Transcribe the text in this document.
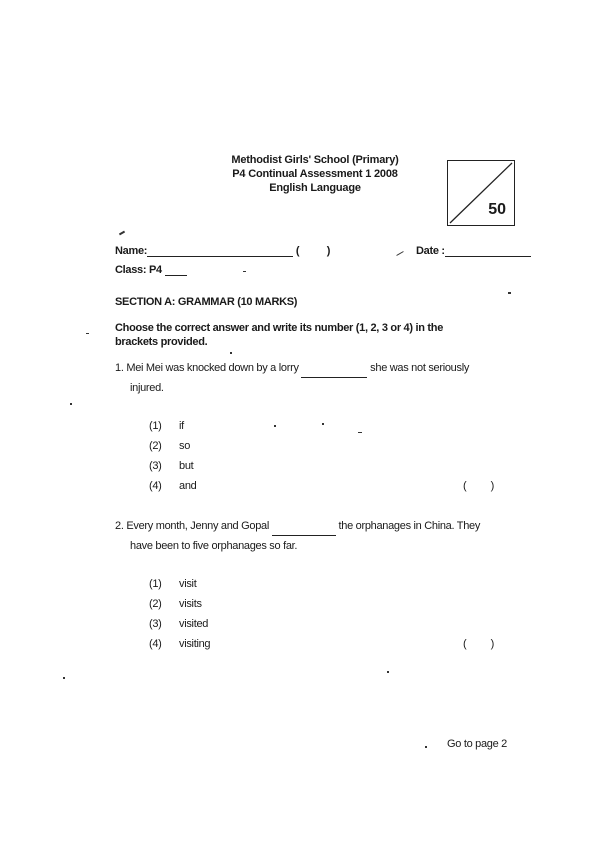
Methodist Girls' School (Primary)
P4 Continual Assessment 1 2008
English Language
50
Name:	(	)	Date :
Class: P4
SECTION A: GRAMMAR (10 MARKS)
Choose the correct answer and write its number (1, 2, 3 or 4) in the brackets provided.
1. Mei Mei was knocked down by a lorry	she was not seriously
injured.
(1) if
(2) so
(3) but
(4) and	( )
2. Every month, Jenny and Gopal	the orphanages in China. They
have been to five orphanages so far.
(1) visit
(2) visits
(3) visited
(4) visiting	( )
Go to page 2
